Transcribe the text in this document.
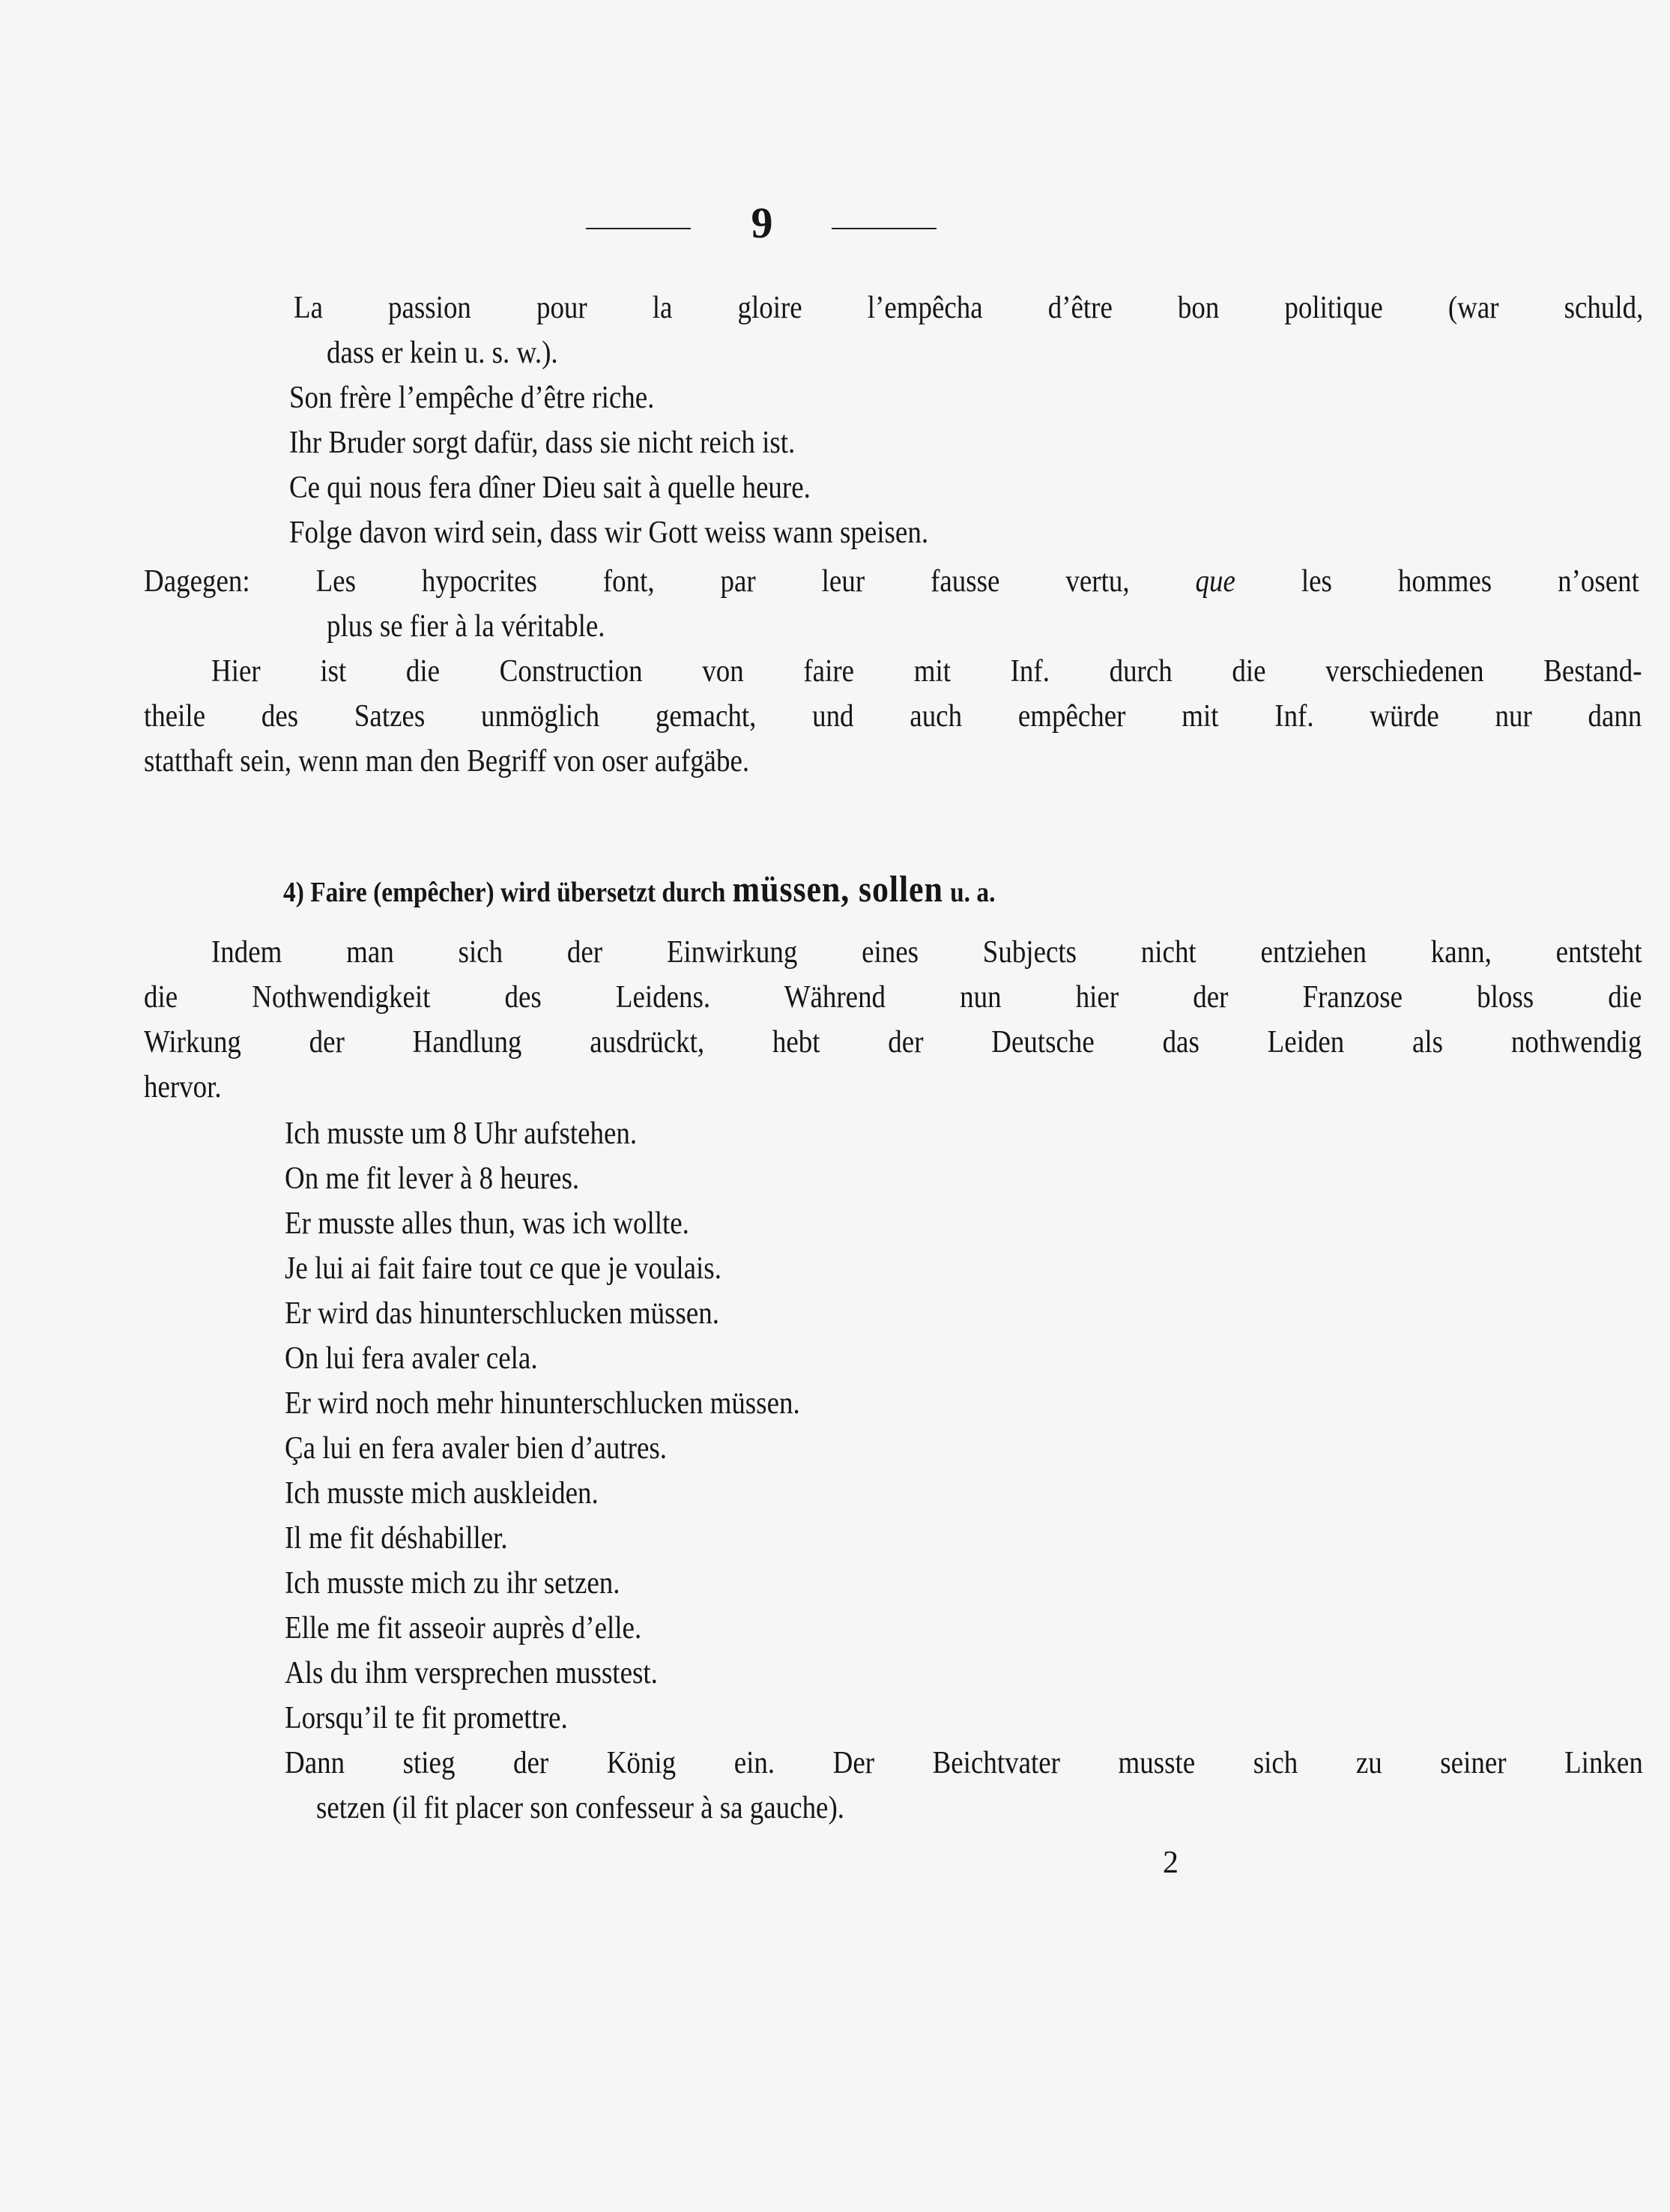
9
La passion pour la gloire l’empêcha d’être bon politique (war schuld,
dass er kein u. s. w.).
Son frère l’empêche d’être riche.
Ihr Bruder sorgt dafür, dass sie nicht reich ist.
Ce qui nous fera dîner Dieu sait à quelle heure.
Folge davon wird sein, dass wir Gott weiss wann speisen.
Dagegen: Les hypocrites font, par leur fausse vertu, que les hommes n’osent
plus se fier à la véritable.
Hier ist die Construction von faire mit Inf. durch die verschiedenen Bestand-
theile des Satzes unmöglich gemacht, und auch empêcher mit Inf. würde nur dann
statthaft sein, wenn man den Begriff von oser aufgäbe.
4) Faire (empêcher) wird übersetzt durch müssen, sollen u. a.
Indem man sich der Einwirkung eines Subjects nicht entziehen kann, entsteht
die Nothwendigkeit des Leidens. Während nun hier der Franzose bloss die
Wirkung der Handlung ausdrückt, hebt der Deutsche das Leiden als nothwendig
hervor.
Ich musste um 8 Uhr aufstehen.
On me fit lever à 8 heures.
Er musste alles thun, was ich wollte.
Je lui ai fait faire tout ce que je voulais.
Er wird das hinunterschlucken müssen.
On lui fera avaler cela.
Er wird noch mehr hinunterschlucken müssen.
Ça lui en fera avaler bien d’autres.
Ich musste mich auskleiden.
Il me fit déshabiller.
Ich musste mich zu ihr setzen.
Elle me fit asseoir auprès d’elle.
Als du ihm versprechen musstest.
Lorsqu’il te fit promettre.
Dann stieg der König ein. Der Beichtvater musste sich zu seiner Linken
setzen (il fit placer son confesseur à sa gauche).
2
